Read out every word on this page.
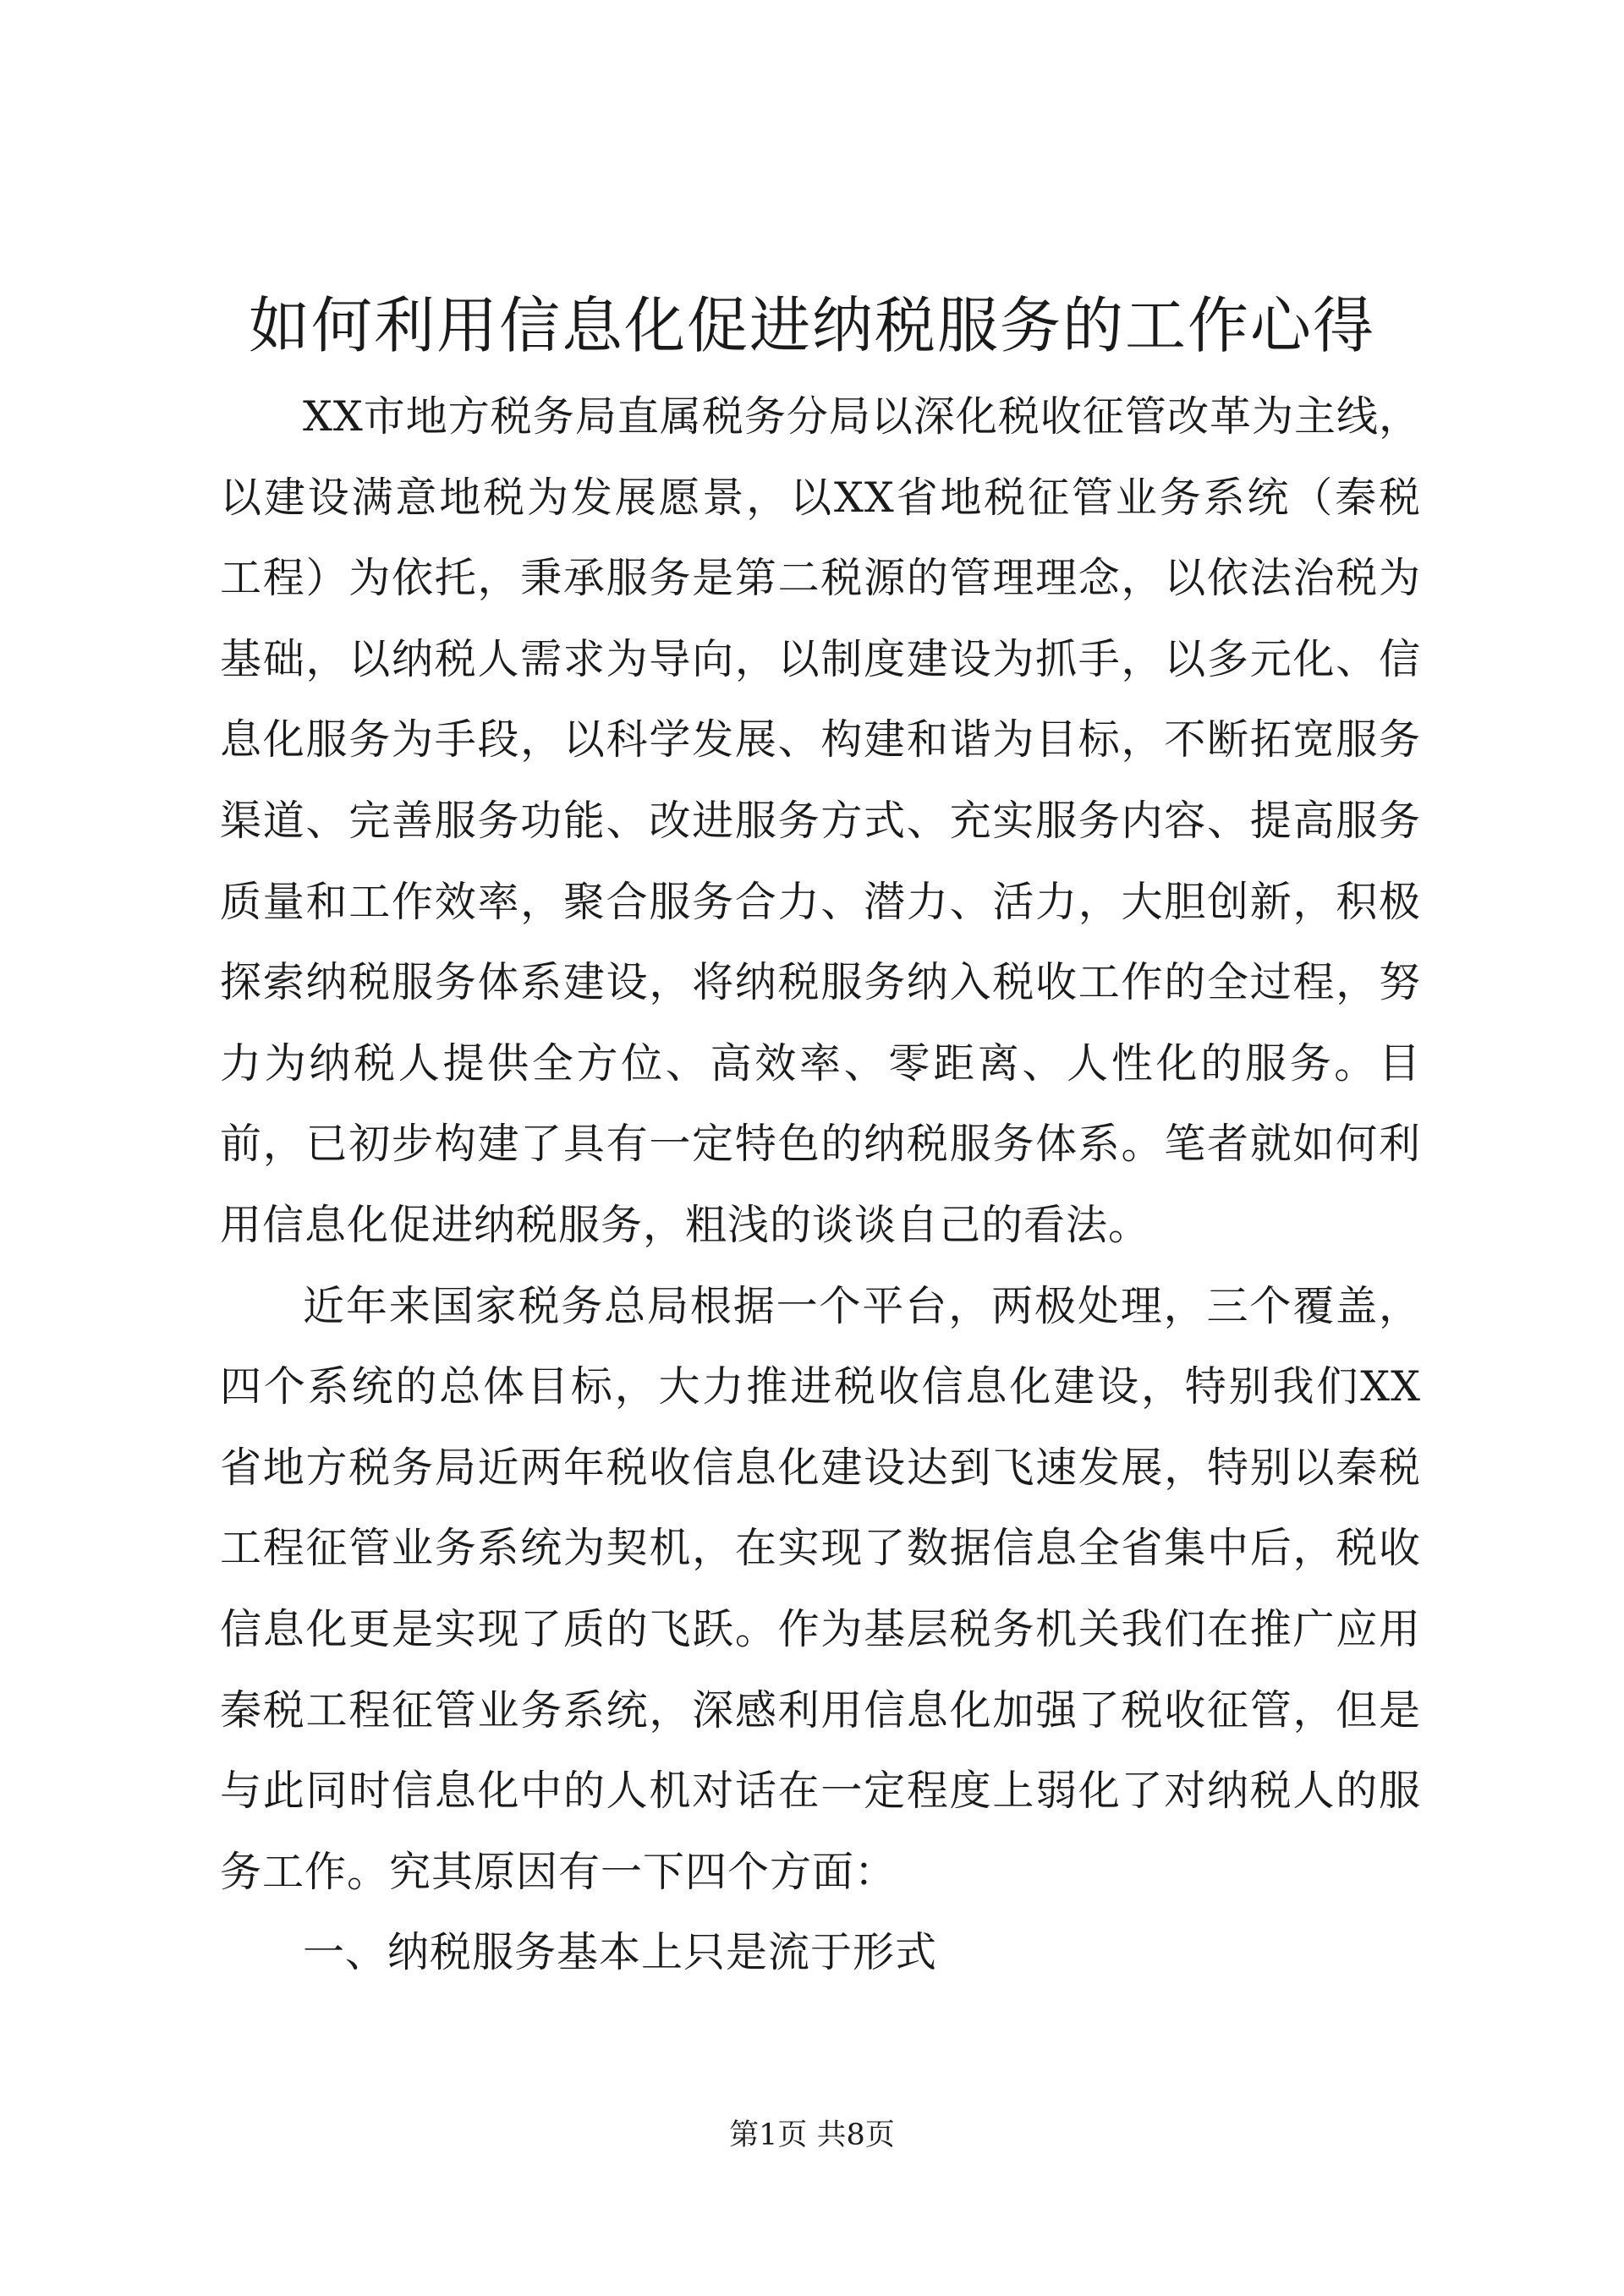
如何利用信息化促进纳税服务的工作心得

XX市地方税务局直属税务分局以深化税收征管改革为主线，以建设满意地税为发展愿景，以XX省地税征管业务系统（秦税工程）为依托，秉承服务是第二税源的管理理念，以依法治税为基础，以纳税人需求为导向，以制度建设为抓手，以多元化、信息化服务为手段，以科学发展、构建和谐为目标，不断拓宽服务渠道、完善服务功能、改进服务方式、充实服务内容、提高服务质量和工作效率，聚合服务合力、潜力、活力，大胆创新，积极探索纳税服务体系建设，将纳税服务纳入税收工作的全过程，努力为纳税人提供全方位、高效率、零距离、人性化的服务。目前，已初步构建了具有一定特色的纳税服务体系。笔者就如何利用信息化促进纳税服务，粗浅的谈谈自己的看法。

近年来国家税务总局根据一个平台，两极处理，三个覆盖，四个系统的总体目标，大力推进税收信息化建设，特别我们XX省地方税务局近两年税收信息化建设达到飞速发展，特别以秦税工程征管业务系统为契机，在实现了数据信息全省集中后，税收信息化更是实现了质的飞跃。作为基层税务机关我们在推广应用秦税工程征管业务系统，深感利用信息化加强了税收征管，但是与此同时信息化中的人机对话在一定程度上弱化了对纳税人的服务工作。究其原因有一下四个方面：

一、纳税服务基本上只是流于形式

第1页 共8页
